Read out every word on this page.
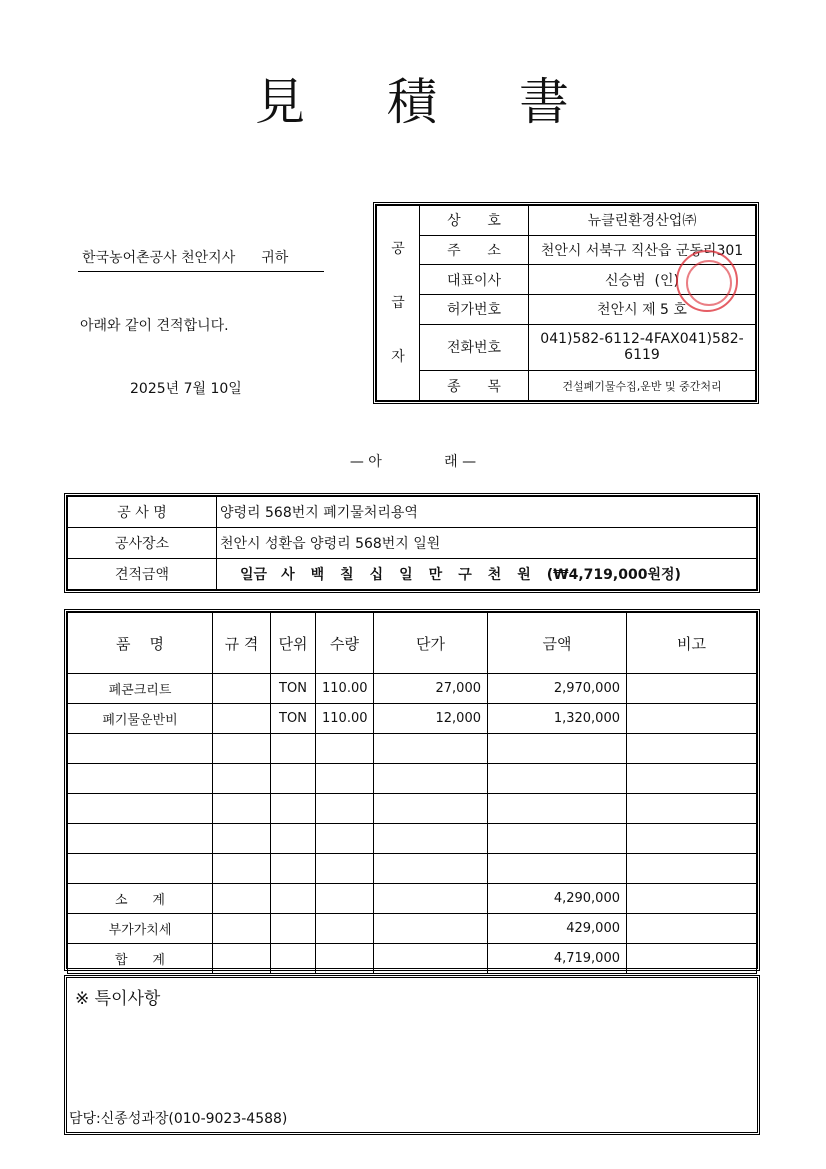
見 積 書
한국농어촌공사 천안지사 귀하
아래와 같이 견적합니다.
2025년 7월 10일
공
급
자	상      호	뉴클린환경산업㈜
	주      소	천안시 서북구 직산읍 군동리301
	대표이사	신승범  (인)
	허가번호	천안시 제 5 호
	전화번호	041)582-6112-4FAX041)582-6119
	종      목	건설폐기물수집,운반 및 중간처리
— 아              래 —
공 사 명	양령리 568번지 폐기물처리용역
공사장소	천안시 성환읍 양령리 568번지 일원
견적금액	일금 사백칠십일만구천원(₩4,719,000원정)
품    명	규 격	단위	수량	단가	금액	비고
폐콘크리트		TON	110.00	27,000	2,970,000	
폐기물운반비		TON	110.00	12,000	1,320,000	

소      계					4,290,000	
부가가치세					429,000	
합      계					4,719,000	
※ 특이사항
담당:신종성과장(010-9023-4588)
